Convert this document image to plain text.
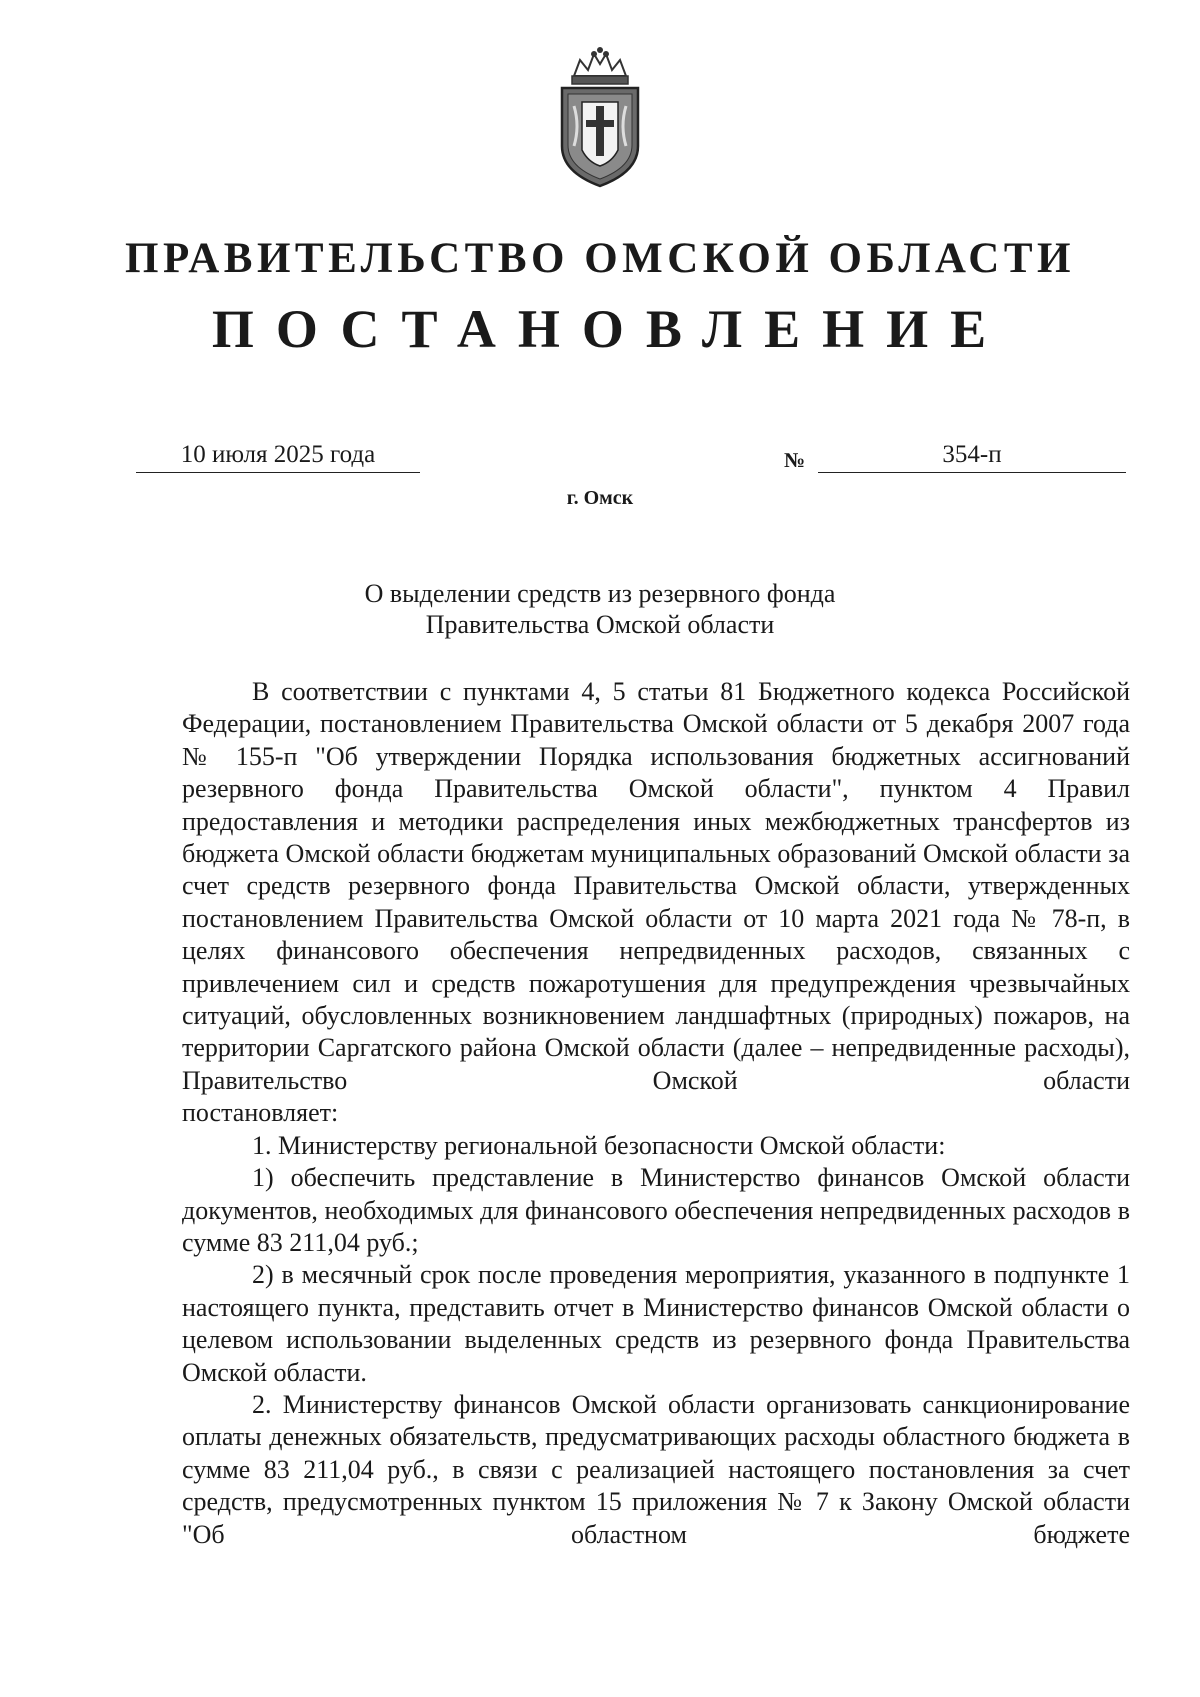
ПРАВИТЕЛЬСТВО ОМСКОЙ ОБЛАСТИ
ПОСТАНОВЛЕНИЕ
10 июля 2025 года	№	354-п
г. Омск
О выделении средств из резервного фонда
Правительства Омской области

В соответствии с пунктами 4, 5 статьи 81 Бюджетного кодекса Российской Федерации, постановлением Правительства Омской области от 5 декабря 2007 года № 155-п "Об утверждении Порядка использования бюджетных ассигнований резервного фонда Правительства Омской области", пунктом 4 Правил предоставления и методики распределения иных межбюджетных трансфертов из бюджета Омской области бюджетам муниципальных образований Омской области за счет средств резервного фонда Правительства Омской области, утвержденных постановлением Правительства Омской области от 10 марта 2021 года № 78-п, в целях финансового обеспечения непредвиденных расходов, связанных с привлечением сил и средств пожаротушения для предупреждения чрезвычайных ситуаций, обусловленных возникновением ландшафтных (природных) пожаров, на территории Саргатского района Омской области (далее – непредвиденные расходы), Правительство Омской области

постановляет:

1. Министерству региональной безопасности Омской области:

1) обеспечить представление в Министерство финансов Омской области документов, необходимых для финансового обеспечения непредвиденных расходов в сумме 83 211,04 руб.;

2) в месячный срок после проведения мероприятия, указанного в подпункте 1 настоящего пункта, представить отчет в Министерство финансов Омской области о целевом использовании выделенных средств из резервного фонда Правительства Омской области.

2. Министерству финансов Омской области организовать санкционирование оплаты денежных обязательств, предусматривающих расходы областного бюджета в сумме 83 211,04 руб., в связи с реализацией настоящего постановления за счет средств, предусмотренных пунктом 15 приложения № 7 к Закону Омской области "Об областном бюджете
